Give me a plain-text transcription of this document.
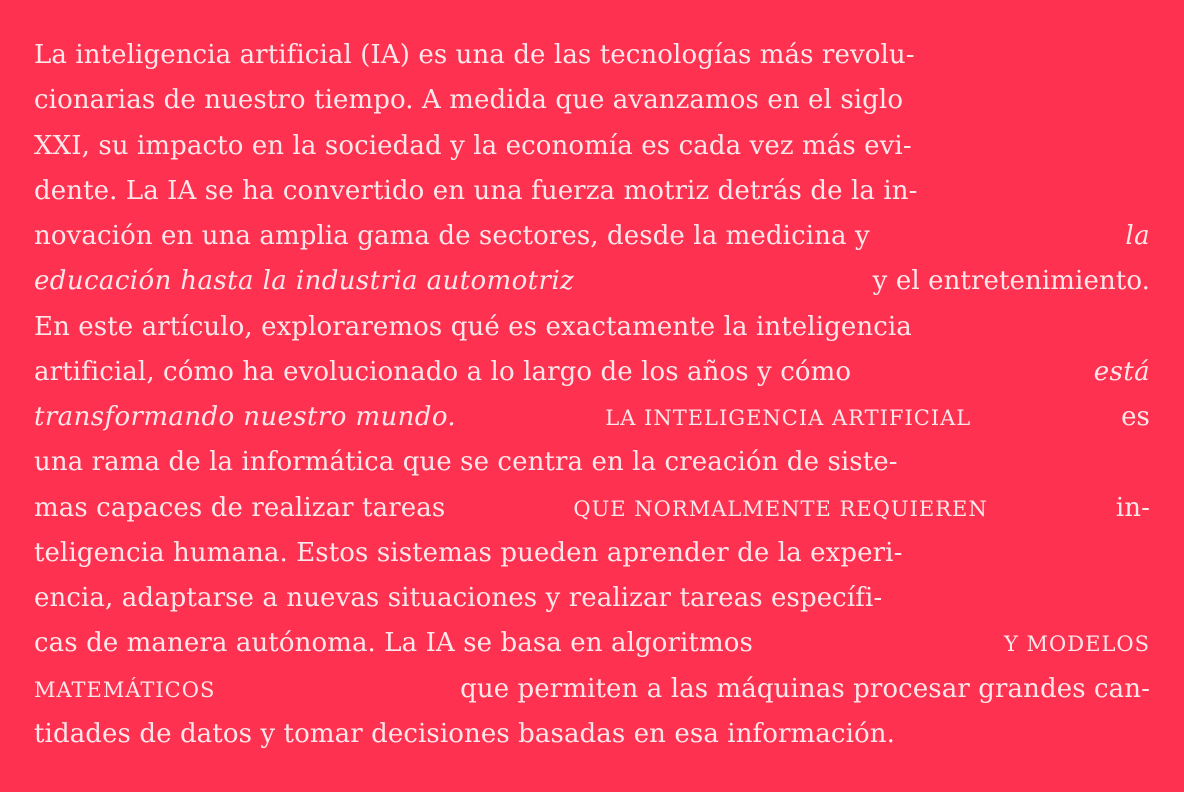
La inteligencia artificial (IA) es una de las tecnologías más revolu-
cionarias de nuestro tiempo. A medida que avanzamos en el siglo
XXI, su impacto en la sociedad y la economía es cada vez más evi-
dente. La IA se ha convertido en una fuerza motriz detrás de la in-
novación en una amplia gama de sectores, desde la medicina y	la
educación hasta la industria automotriz	y el entretenimiento.
En este artículo, exploraremos qué es exactamente la inteligencia
artificial, cómo ha evolucionado a lo largo de los años y cómo	está
transformando nuestro mundo.	LA INTELIGENCIA ARTIFICIAL	es
una rama de la informática que se centra en la creación de siste-
mas capaces de realizar tareas	QUE NORMALMENTE REQUIEREN	in-
teligencia humana. Estos sistemas pueden aprender de la experi-
encia, adaptarse a nuevas situaciones y realizar tareas específi-
cas de manera autónoma. La IA se basa en algoritmos	Y MODELOS
MATEMÁTICOS	que permiten a las máquinas procesar grandes can-
tidades de datos y tomar decisiones basadas en esa información.
